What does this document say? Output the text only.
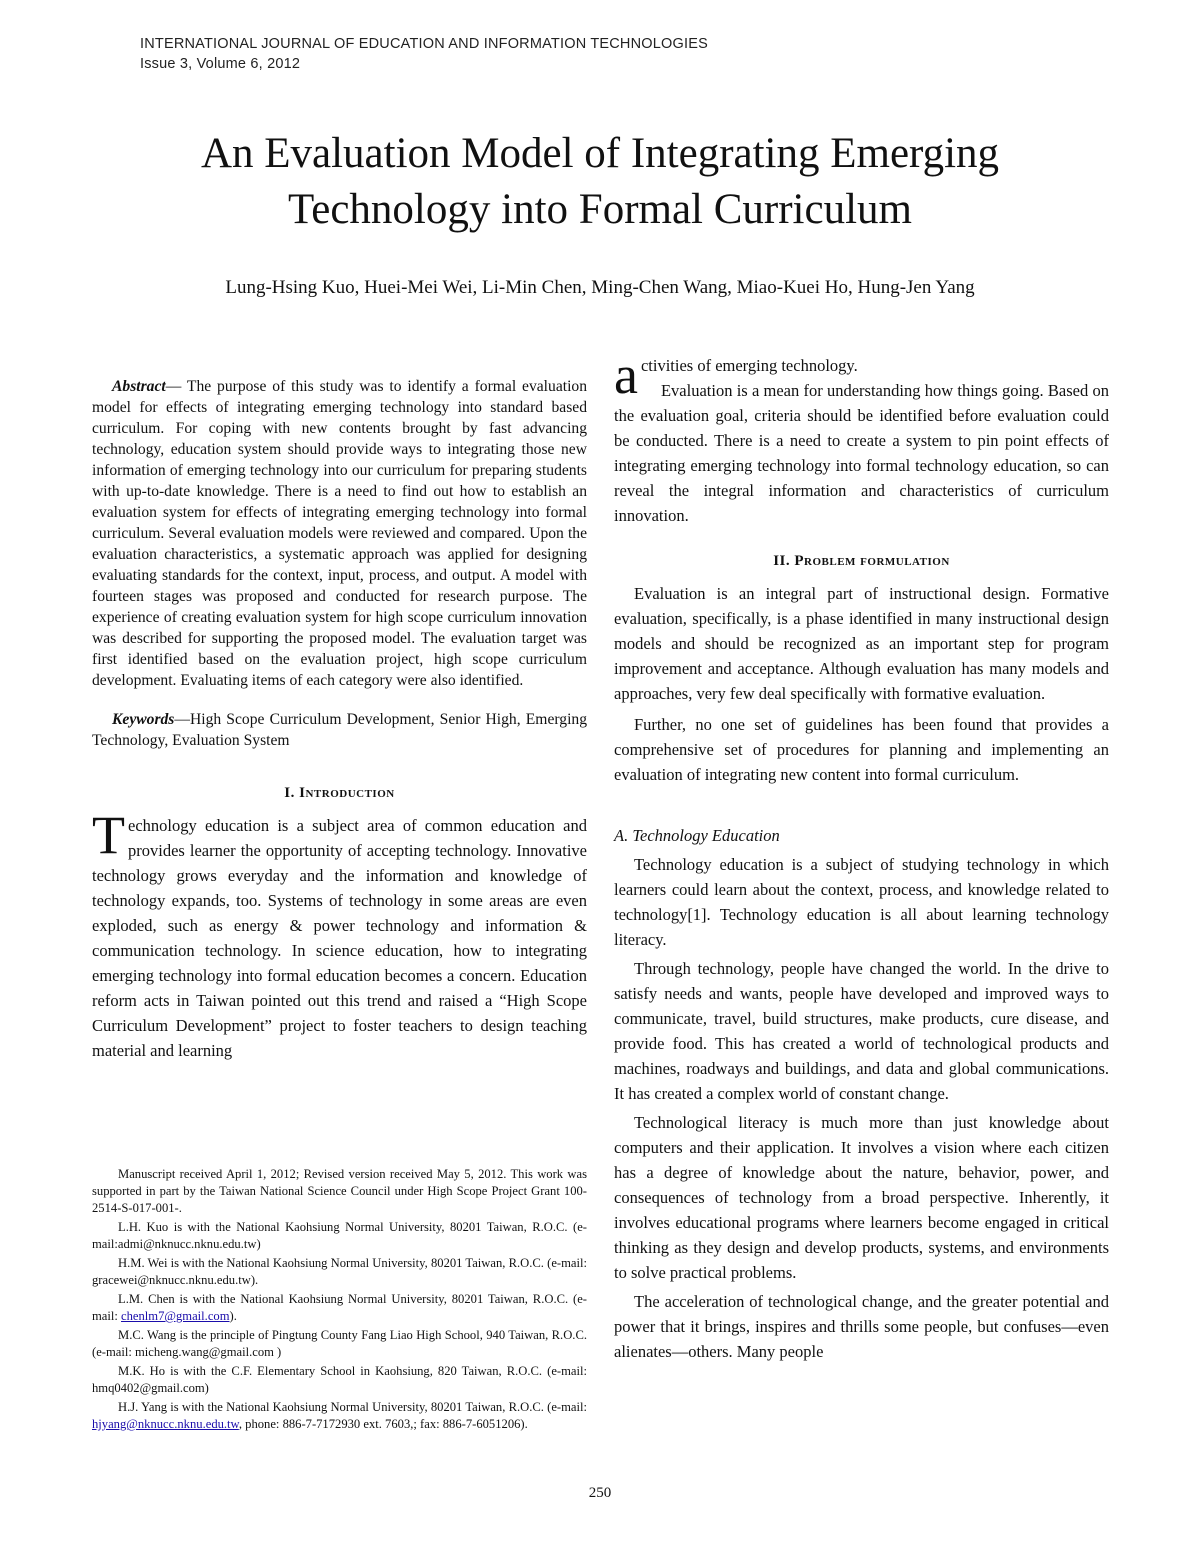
INTERNATIONAL JOURNAL OF EDUCATION AND INFORMATION TECHNOLOGIES
Issue 3, Volume 6, 2012
An Evaluation Model of Integrating Emerging
Technology into Formal Curriculum
Lung-Hsing Kuo, Huei-Mei Wei, Li-Min Chen, Ming-Chen Wang, Miao-Kuei Ho, Hung-Jen Yang

Abstract— The purpose of this study was to identify a formal evaluation model for effects of integrating emerging technology into standard based curriculum. For coping with new contents brought by fast advancing technology, education system should provide ways to integrating those new information of emerging technology into our curriculum for preparing students with up-to-date knowledge. There is a need to find out how to establish an evaluation system for effects of integrating emerging technology into formal curriculum. Several evaluation models were reviewed and compared. Upon the evaluation characteristics, a systematic approach was applied for designing evaluating standards for the context, input, process, and output. A model with fourteen stages was proposed and conducted for research purpose. The experience of creating evaluation system for high scope curriculum innovation was described for supporting the proposed model. The evaluation target was first identified based on the evaluation project, high scope curriculum development. Evaluating items of each category were also identified.

Keywords—High Scope Curriculum Development, Senior High, Emerging Technology, Evaluation System

I. Introduction

Technology education is a subject area of common education and provides learner the opportunity of accepting technology. Innovative technology grows everyday and the information and knowledge of technology expands, too. Systems of technology in some areas are even exploded, such as energy & power technology and information & communication technology. In science education, how to integrating emerging technology into formal education becomes a concern. Education reform acts in Taiwan pointed out this trend and raised a “High Scope Curriculum Development” project to foster teachers to design teaching material and learning

Manuscript received April 1, 2012; Revised version received May 5, 2012. This work was supported in part by the Taiwan National Science Council under High Scope Project Grant 100-2514-S-017-001-.

L.H. Kuo is with the National Kaohsiung Normal University, 80201 Taiwan, R.O.C. (e-mail:admi@nknucc.nknu.edu.tw)

H.M. Wei is with the National Kaohsiung Normal University, 80201 Taiwan, R.O.C. (e-mail: gracewei@nknucc.nknu.edu.tw).

L.M. Chen is with the National Kaohsiung Normal University, 80201 Taiwan, R.O.C. (e-mail: chenlm7@gmail.com).

M.C. Wang is the principle of Pingtung County Fang Liao High School, 940 Taiwan, R.O.C. (e-mail: micheng.wang@gmail.com )

M.K. Ho is with the C.F. Elementary School in Kaohsiung, 820 Taiwan, R.O.C. (e-mail: hmq0402@gmail.com)

H.J. Yang is with the National Kaohsiung Normal University, 80201 Taiwan, R.O.C. (e-mail: hjyang@nknucc.nknu.edu.tw, phone: 886-7-7172930 ext. 7603,; fax: 886-7-6051206).

activities of emerging technology.

Evaluation is a mean for understanding how things going. Based on the evaluation goal, criteria should be identified before evaluation could be conducted. There is a need to create a system to pin point effects of integrating emerging technology into formal technology education, so can reveal the integral information and characteristics of curriculum innovation.

II. Problem formulation

Evaluation is an integral part of instructional design. Formative evaluation, specifically, is a phase identified in many instructional design models and should be recognized as an important step for program improvement and acceptance. Although evaluation has many models and approaches, very few deal specifically with formative evaluation.

Further, no one set of guidelines has been found that provides a comprehensive set of procedures for planning and implementing an evaluation of integrating new content into formal curriculum.

A. Technology Education

Technology education is a subject of studying technology in which learners could learn about the context, process, and knowledge related to technology[1]. Technology education is all about learning technology literacy.

Through technology, people have changed the world. In the drive to satisfy needs and wants, people have developed and improved ways to communicate, travel, build structures, make products, cure disease, and provide food. This has created a world of technological products and machines, roadways and buildings, and data and global communications. It has created a complex world of constant change.

Technological literacy is much more than just knowledge about computers and their application. It involves a vision where each citizen has a degree of knowledge about the nature, behavior, power, and consequences of technology from a broad perspective. Inherently, it involves educational programs where learners become engaged in critical thinking as they design and develop products, systems, and environments to solve practical problems.

The acceleration of technological change, and the greater potential and power that it brings, inspires and thrills some people, but confuses—even alienates—others. Many people

250
